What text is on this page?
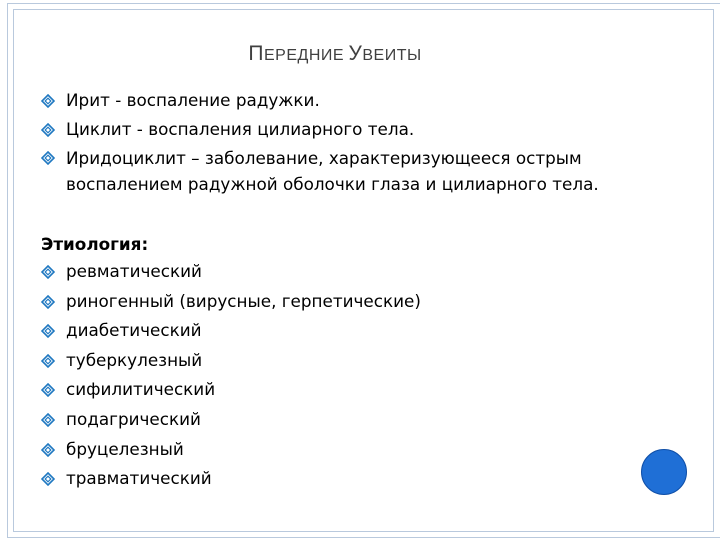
ПЕРЕДНИЕ УВЕИТЫ
Ирит - воспаление радужки.
Циклит - воспаления цилиарного тела.
Иридоциклит – заболевание, характеризующееся острым воспалением радужной оболочки глаза и цилиарного тела.
Этиология:
ревматический
риногенный (вирусные, герпетические)
диабетический
туберкулезный
сифилитический
подагрический
бруцелезный
травматический
